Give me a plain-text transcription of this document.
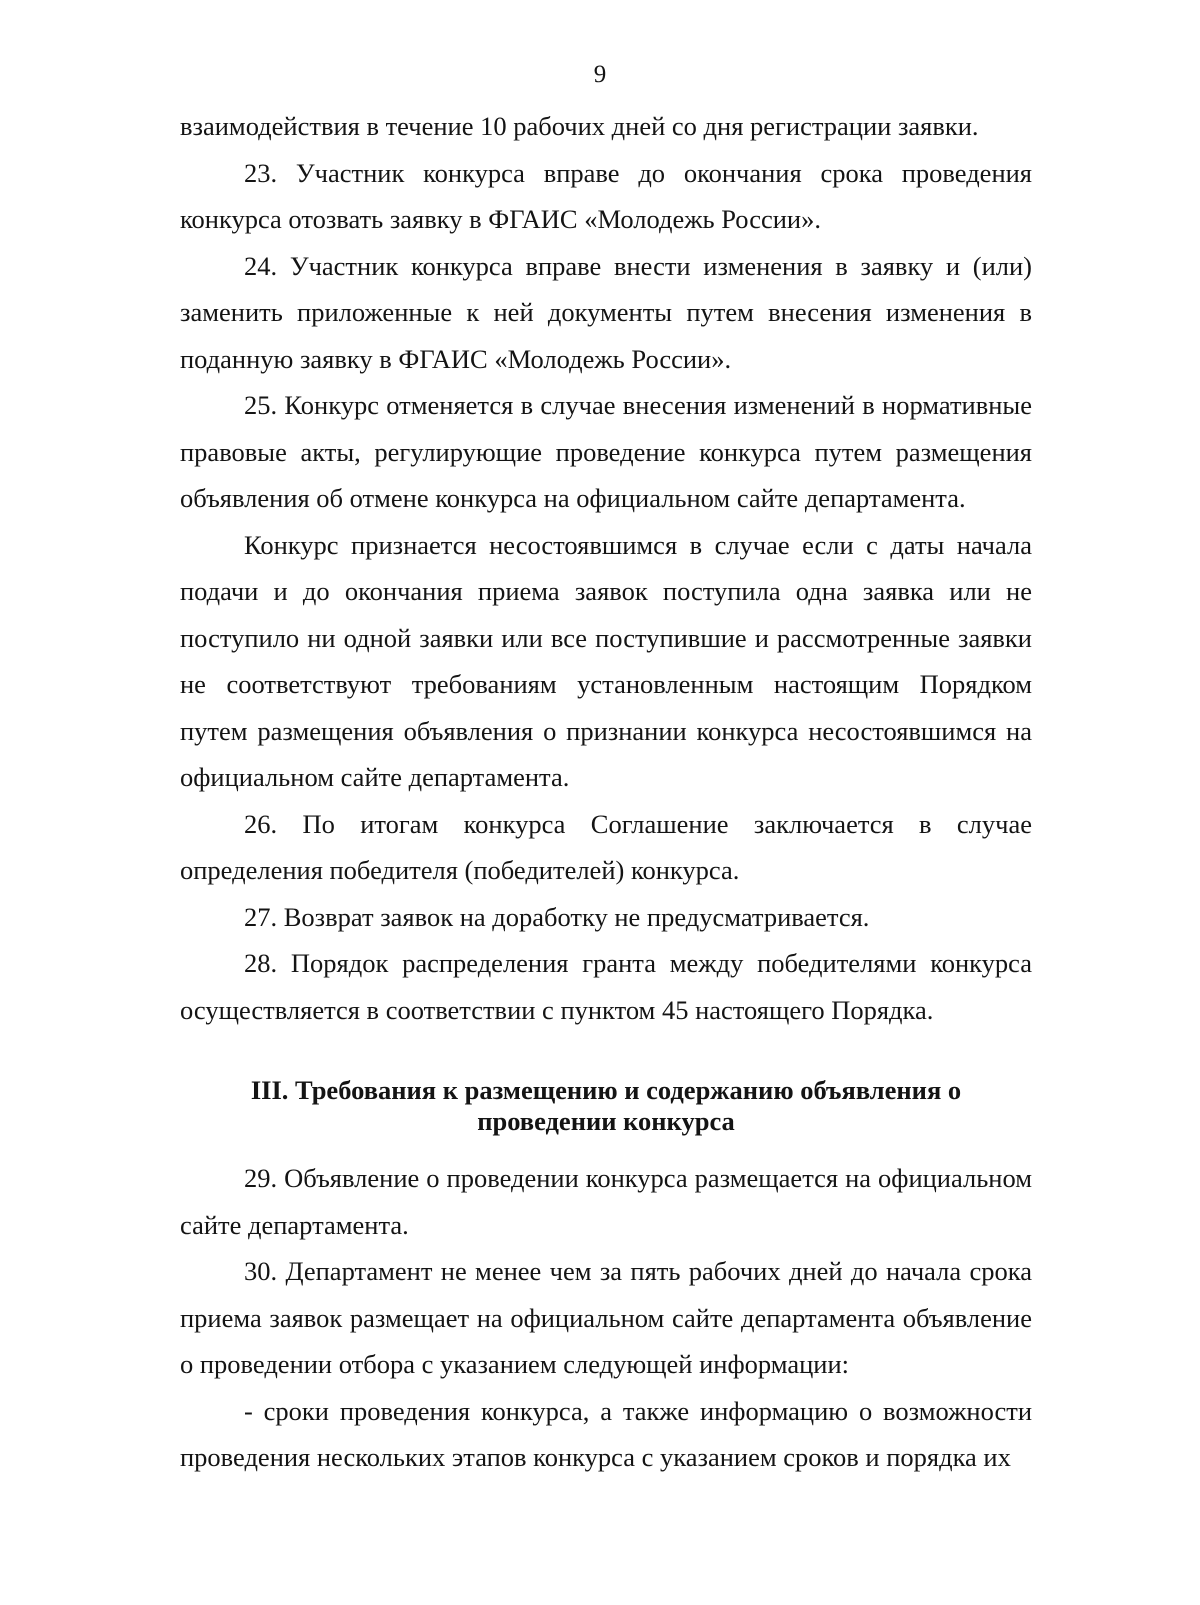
9

взаимодействия в течение 10 рабочих дней со дня регистрации заявки.

23. Участник конкурса вправе до окончания срока проведения конкурса отозвать заявку в ФГАИС «Молодежь России».

24. Участник конкурса вправе внести изменения в заявку и (или) заменить приложенные к ней документы путем внесения изменения в поданную заявку в ФГАИС «Молодежь России».

25. Конкурс отменяется в случае внесения изменений в нормативные правовые акты, регулирующие проведение конкурса путем размещения объявления об отмене конкурса на официальном сайте департамента.

Конкурс признается несостоявшимся в случае если с даты начала подачи и до окончания приема заявок поступила одна заявка или не поступило ни одной заявки или все поступившие и рассмотренные заявки не соответствуют требованиям установленным настоящим Порядком путем размещения объявления о признании конкурса несостоявшимся на официальном сайте департамента.

26. По итогам конкурса Соглашение заключается в случае определения победителя (победителей) конкурса.

27. Возврат заявок на доработку не предусматривается.

28. Порядок распределения гранта между победителями конкурса осуществляется в соответствии с пунктом 45 настоящего Порядка.

III. Требования к размещению и содержанию объявления о
проведении конкурса

29. Объявление о проведении конкурса размещается на официальном сайте департамента.

30. Департамент не менее чем за пять рабочих дней до начала срока приема заявок размещает на официальном сайте департамента объявление о проведении отбора с указанием следующей информации:

- сроки проведения конкурса, а также информацию о возможности проведения нескольких этапов конкурса с указанием сроков и порядка их
